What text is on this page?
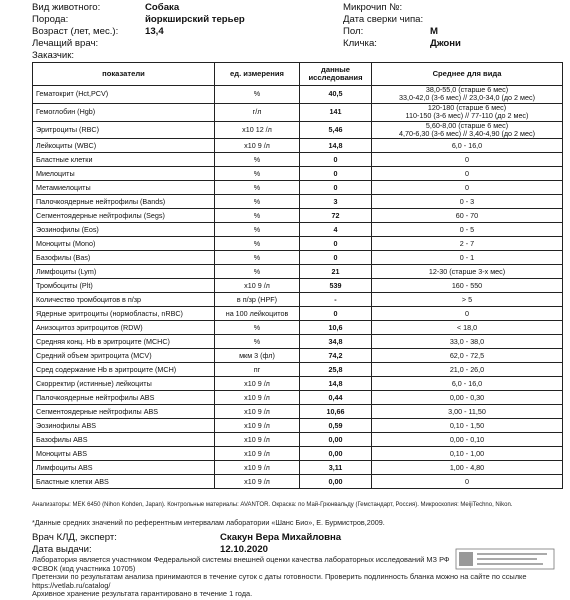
Вид животного:	Собака
Порода:	йоркширский терьер
Возраст (лет, мес.):	13,4
Лечащий врач:
Заказчик:
Микрочип №:
Дата сверки чипа:
Пол:	М
Кличка:	Джони
показатели	ед. измерения	данные исследования	Среднее для вида
Гематокрит (Hct,PCV)	%	40,5	38,0-55,0 (старше 6 мес)
33,0-42,0 (3-6 мес) // 23,0-34,0 (до 2 мес)

Гемоглобин (Hgb)	г/л	141	120-180 (старше 6 мес)
110-150 (3-6 мес) // 77-110 (до 2 мес)

Эритроциты (RBC)	x10 12 /л	5,46	5,60-8,00 (старше 6 мес)
4,70-6,30 (3-6 мес) // 3,40-4,90 (до 2 мес)

Лейкоциты (WBC)	x10 9 /л	14,8	6,0 - 16,0

Бластные клетки	%	0	0

Миелоциты	%	0	0

Метамиелоциты	%	0	0

Палочкоядерные нейтрофилы (Bands)	%	3	0 - 3

Сегментоядерные нейтрофилы (Segs)	%	72	60 - 70

Эозинофилы (Eos)	%	4	0 - 5

Моноциты (Mono)	%	0	2 - 7

Базофилы (Bas)	%	0	0 - 1

Лимфоциты (Lym)	%	21	12-30 (старше 3-х мес)

Тромбоциты (Plt)	x10 9 /л	539	160 - 550

Количество тромбоцитов в п/зр	в п/зр (HPF)	-	> 5

Ядерные эритроциты (нормобласты, nRBC)	на 100 лейкоцитов	0	0

Анизоцитоз эритроцитов (RDW)	%	10,6	< 18,0

Средняя конц. Hb в эритроците (MCHC)	%	34,8	33,0 - 38,0

Средний объем эритроцита (MCV)	мкм 3 (фл)	74,2	62,0 - 72,5

Сред содержание Hb в эритроците (MCH)	пг	25,8	21,0 - 26,0

Скорректир (истинные) лейкоциты	x10 9 /л	14,8	6,0 - 16,0

Палочкоядерные нейтрофилы ABS	x10 9 /л	0,44	0,00 - 0,30

Сегментоядерные нейтрофилы ABS	x10 9 /л	10,66	3,00 - 11,50

Эозинофилы ABS	x10 9 /л	0,59	0,10 - 1,50

Базофилы ABS	x10 9 /л	0,00	0,00 - 0,10

Моноциты ABS	x10 9 /л	0,00	0,10 - 1,00

Лимфоциты ABS	x10 9 /л	3,11	1,00 - 4,80

Бластные клетки ABS	x10 9 /л	0,00	0
Анализаторы: MEK 6450 (Nihon Kohden, Japan). Контрольные материалы: AVANTOR. Окраска: по Май-Грюнвальду (Гемстандарт, Россия). Микроскопия: MeijiTechno, Nikon.
*Данные средних значений по референтным интервалам лаборатории «Шанс Био», Е. Бурмистров,2009.
Врач КЛД, эксперт:	Скакун Вера Михайловна
Дата выдачи:	12.10.2020
Лаборатория является участником Федеральной системы внешней оценки качества лабораторных исследований МЗ РФ ФСВОК (код участника 10705)
Претензии по результатам анализа принимаются в течение суток с даты готовности. Проверить подлинность бланка можно на сайте по ссылке https://vetlab.ru/catalog/
Архивное хранение результата гарантировано в течение 1 года.
